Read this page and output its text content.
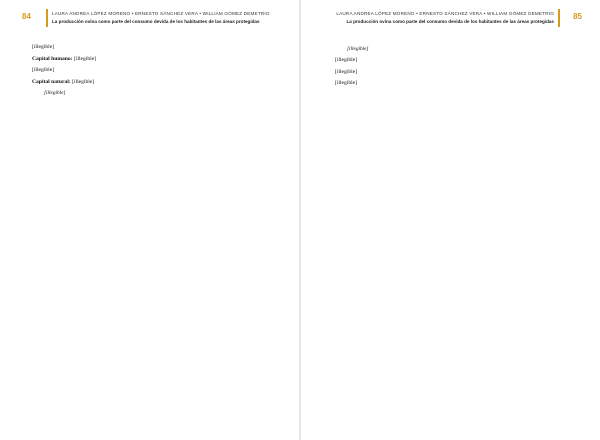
84	LAURA ANDREA LÓPEZ MORENO • ERNESTO SÁNCHEZ VERA • WILLIAM GÓMEZ DEMETRIO
La producción ovina como parte del consumo devida de los habitantes de las áreas protegidas

[illegible]

Capital humano: [illegible]

[illegible]

Capital natural: [illegible]

[illegible]

LAURA ANDREA LÓPEZ MORENO • ERNESTO SÁNCHEZ VERA • WILLIAM GÓMEZ DEMETRIO
La producción ovina como parte del consumo devida de los habitantes de las áreas protegidas
85

[illegible]

[illegible]

[illegible]

[illegible]
